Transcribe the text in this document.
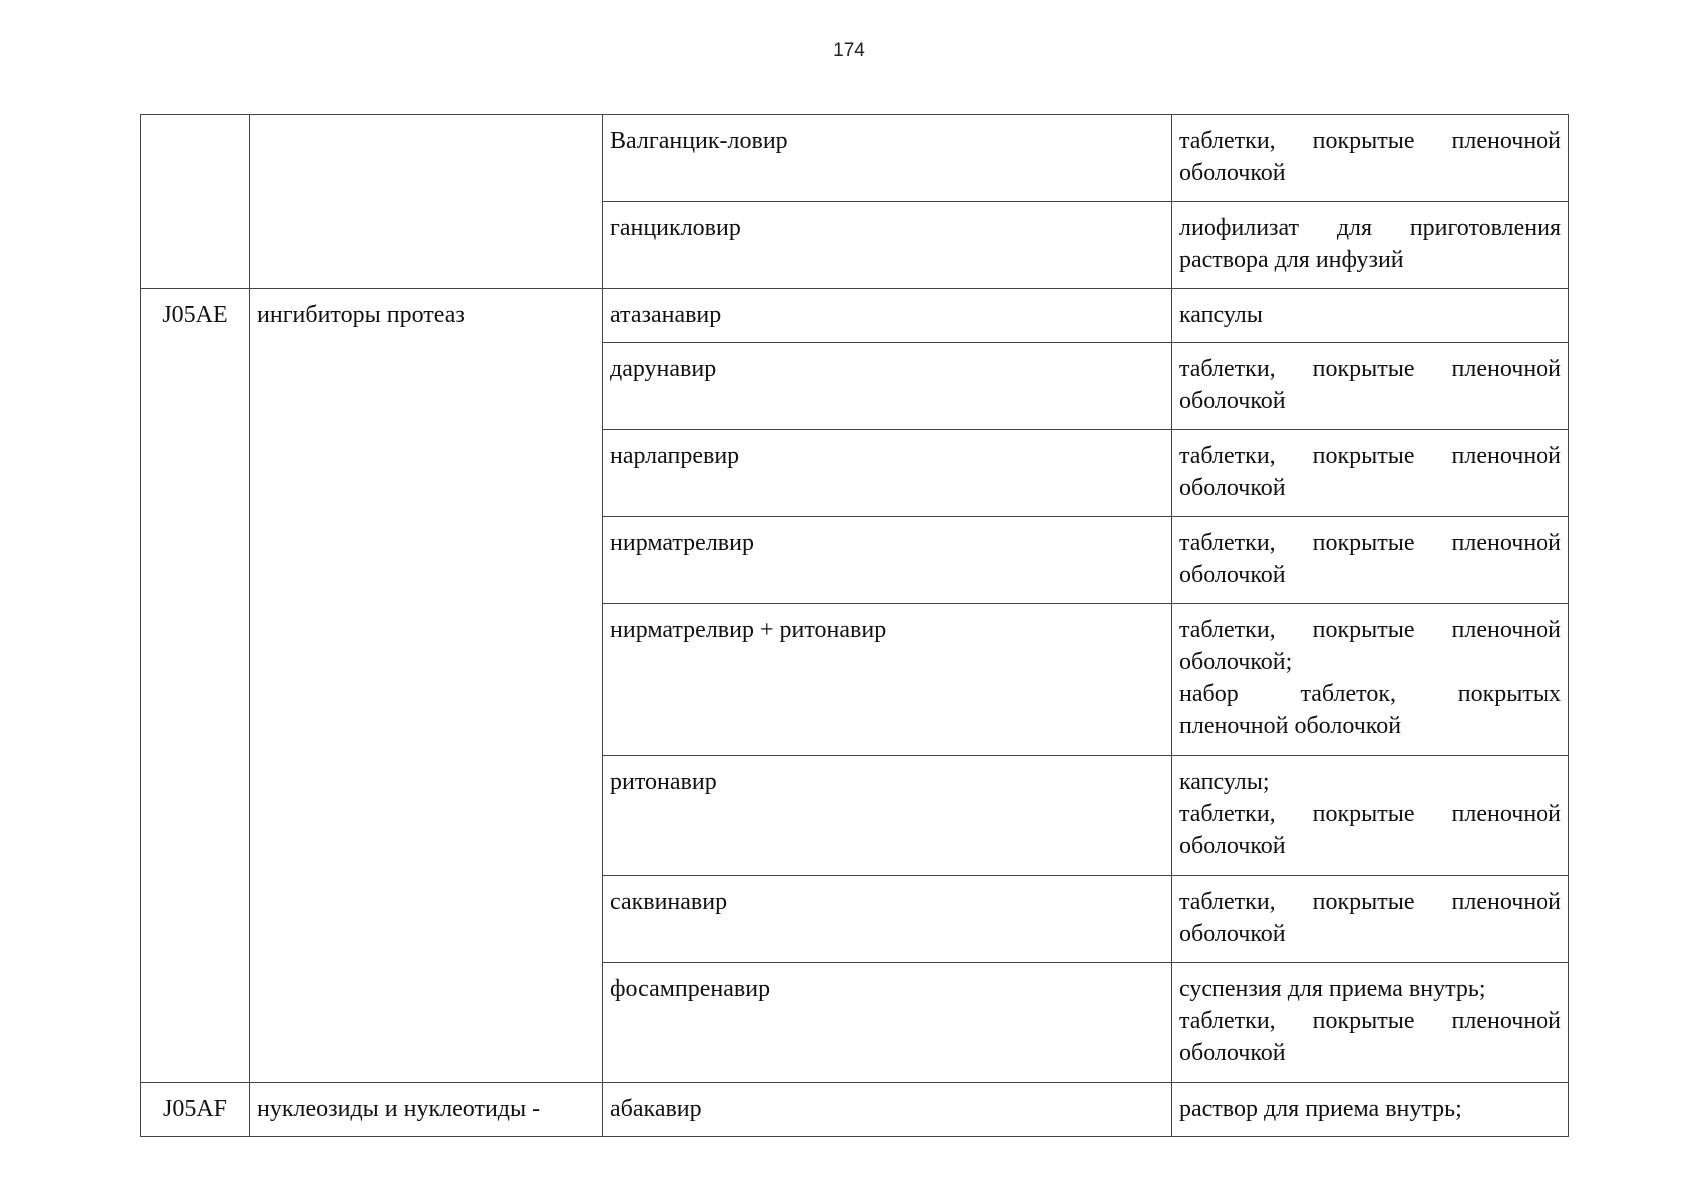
174
		Валганцик-ловир	таблетки, покрытые пленочной
оболочкой

		ганцикловир	лиофилизат для приготовления
раствора для инфузий

J05AE	ингибиторы протеаз	атазанавир	капсулы

		дарунавир	таблетки, покрытые пленочной
оболочкой

		нарлапревир	таблетки, покрытые пленочной
оболочкой

		нирматрелвир	таблетки, покрытые пленочной
оболочкой

		нирматрелвир + ритонавир	таблетки, покрытые пленочной
оболочкой;
набор таблеток, покрытых
пленочной оболочкой

		ритонавир	капсулы;
таблетки, покрытые пленочной
оболочкой

		саквинавир	таблетки, покрытые пленочной
оболочкой

		фосампренавир	суспензия для приема внутрь;
таблетки, покрытые пленочной
оболочкой

J05AF	нуклеозиды и нуклеотиды -	абакавир	раствор для приема внутрь;
